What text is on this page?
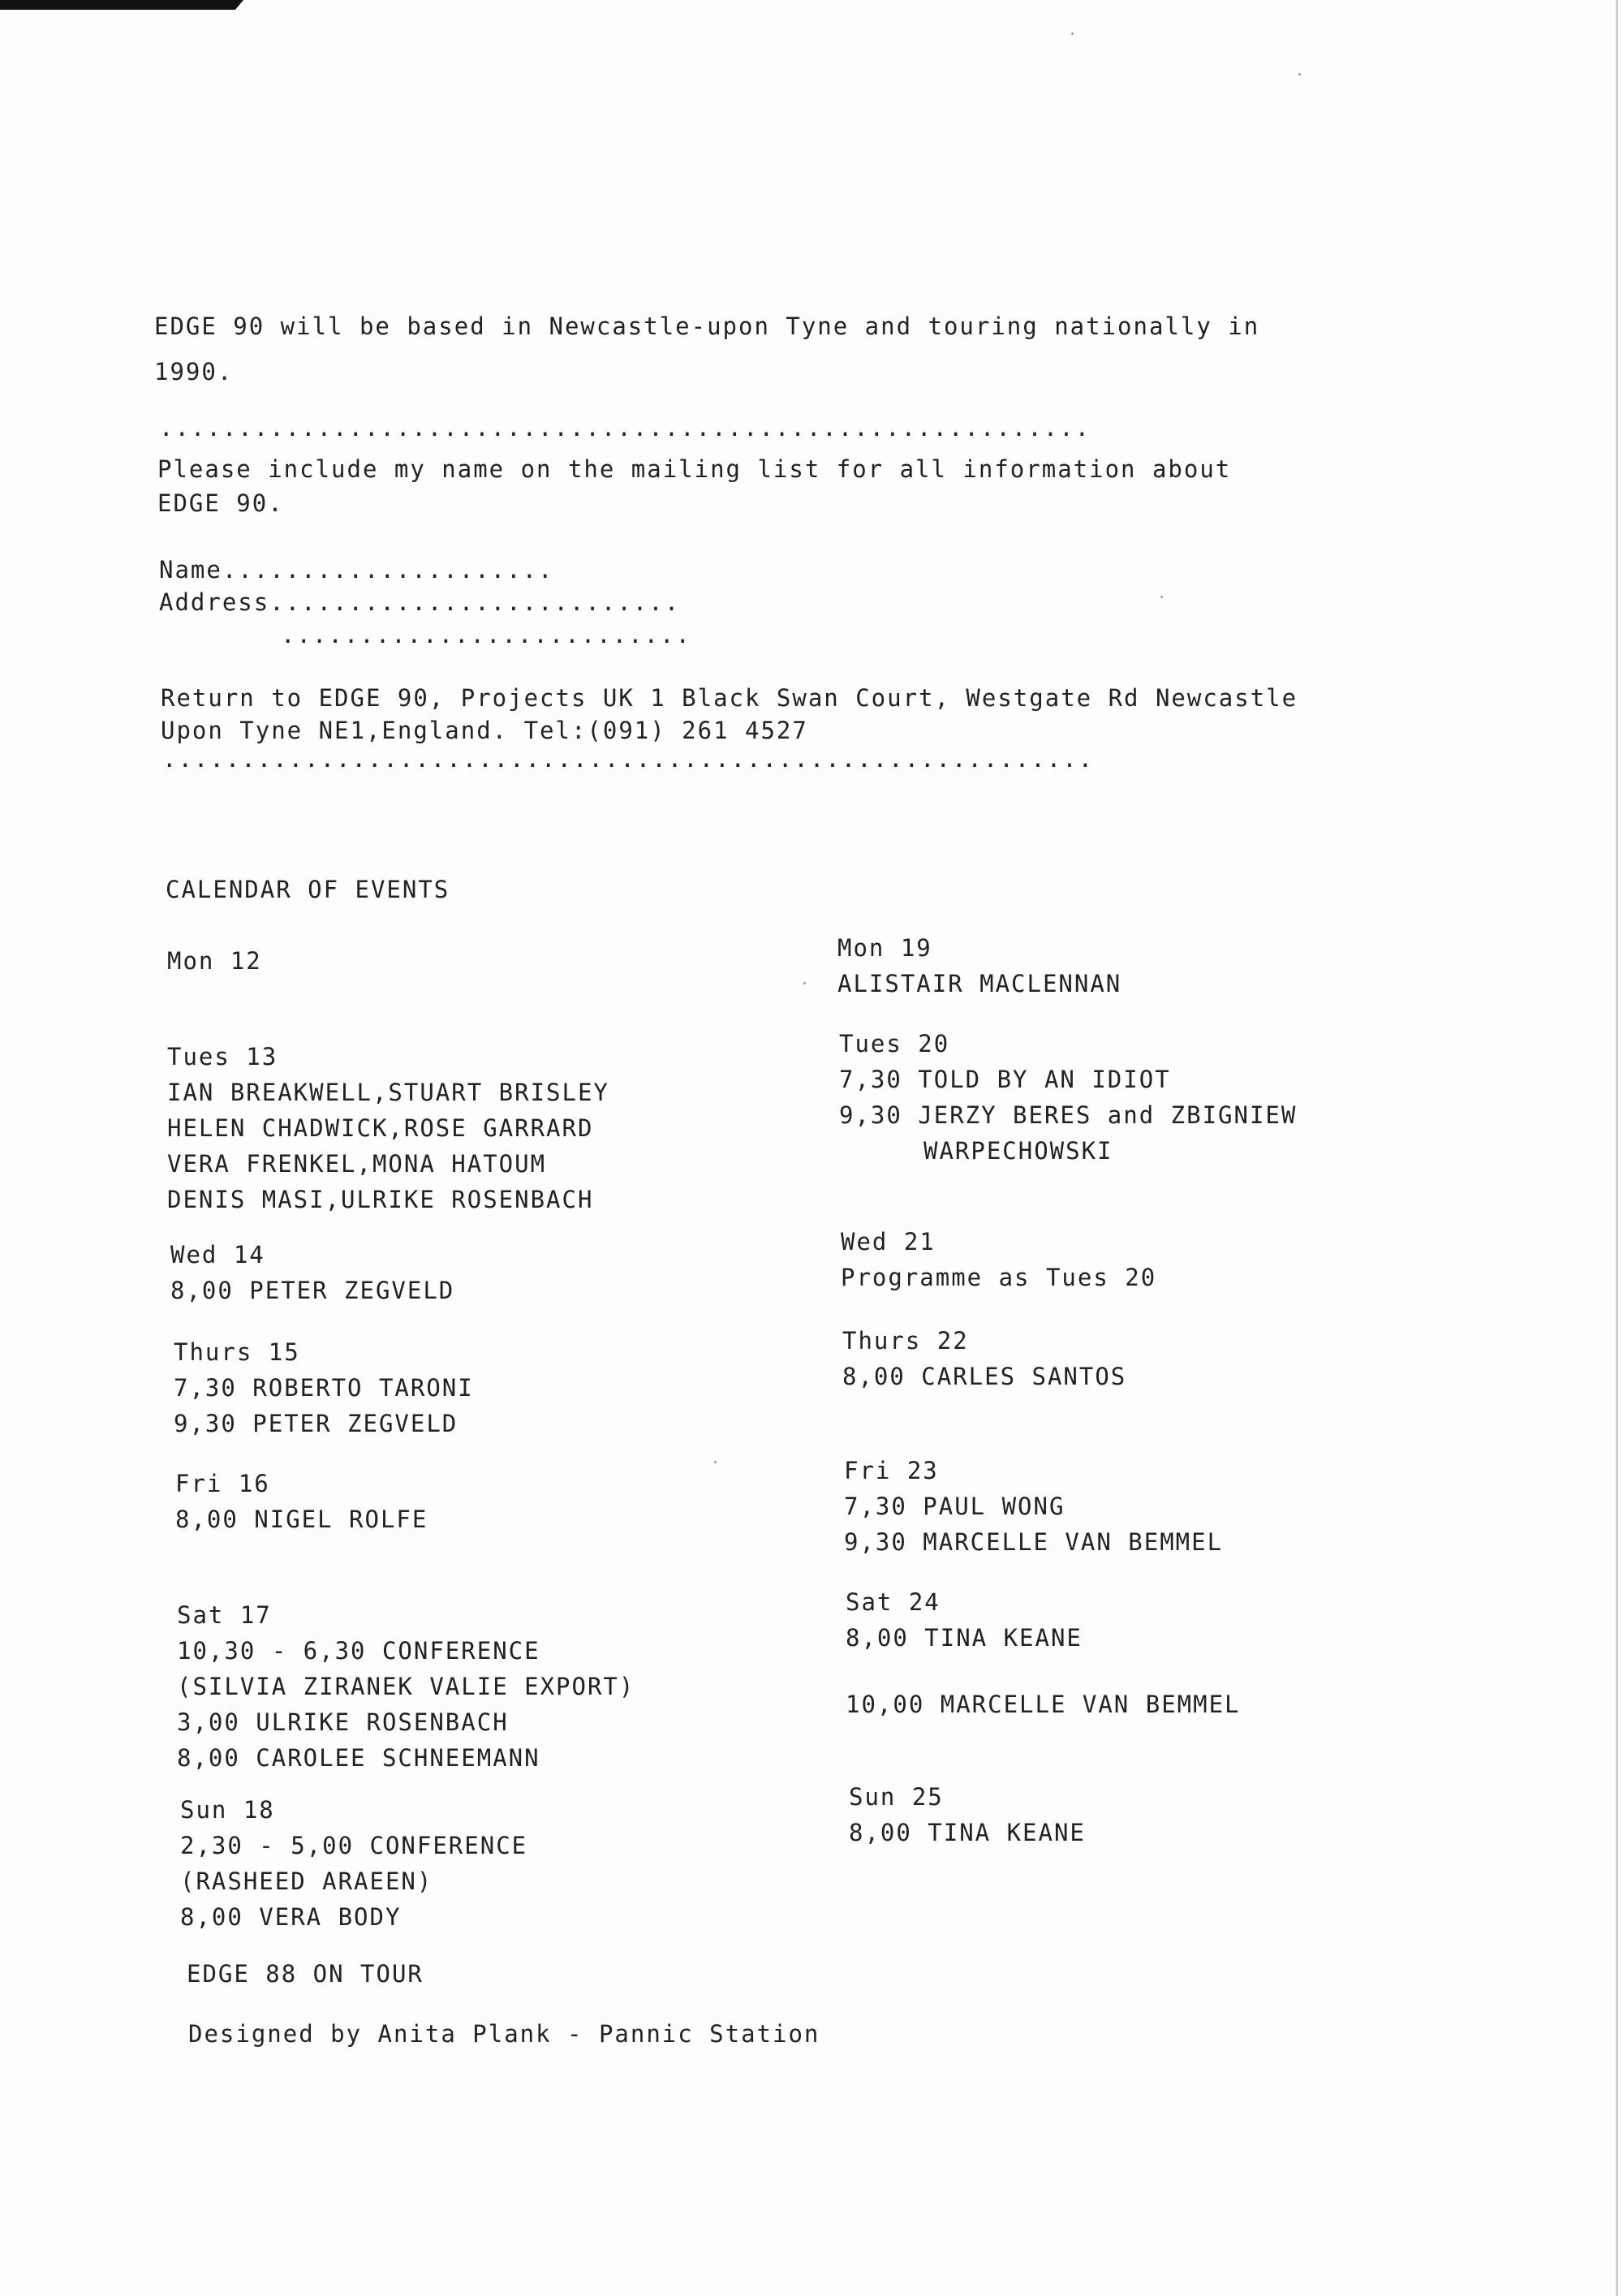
EDGE 90 will be based in Newcastle-upon Tyne and touring nationally in
1990.
...........................................................
Please include my name on the mailing list for all information about
EDGE 90.
Name.....................
Address..........................
..........................
Return to EDGE 90, Projects UK 1 Black Swan Court, Westgate Rd Newcastle
Upon Tyne NE1,England. Tel:(091) 261 4527
...........................................................
CALENDAR OF EVENTS
Mon 12
Tues 13
IAN BREAKWELL,STUART BRISLEY
HELEN CHADWICK,ROSE GARRARD
VERA FRENKEL,MONA HATOUM
DENIS MASI,ULRIKE ROSENBACH
Wed 14
8,00 PETER ZEGVELD
Thurs 15
7,30 ROBERTO TARONI
9,30 PETER ZEGVELD
Fri 16
8,00 NIGEL ROLFE
Sat 17
10,30 - 6,30 CONFERENCE
(SILVIA ZIRANEK VALIE EXPORT)
3,00 ULRIKE ROSENBACH
8,00 CAROLEE SCHNEEMANN
Sun 18
2,30 - 5,00 CONFERENCE
(RASHEED ARAEEN)
8,00 VERA BODY
Mon 19
ALISTAIR MACLENNAN
Tues 20
7,30 TOLD BY AN IDIOT
9,30 JERZY BERES and ZBIGNIEW
WARPECHOWSKI
Wed 21
Programme as Tues 20
Thurs 22
8,00 CARLES SANTOS
Fri 23
7,30 PAUL WONG
9,30 MARCELLE VAN BEMMEL
Sat 24
8,00 TINA KEANE
10,00 MARCELLE VAN BEMMEL
Sun 25
8,00 TINA KEANE
EDGE 88 ON TOUR
Designed by Anita Plank - Pannic Station
